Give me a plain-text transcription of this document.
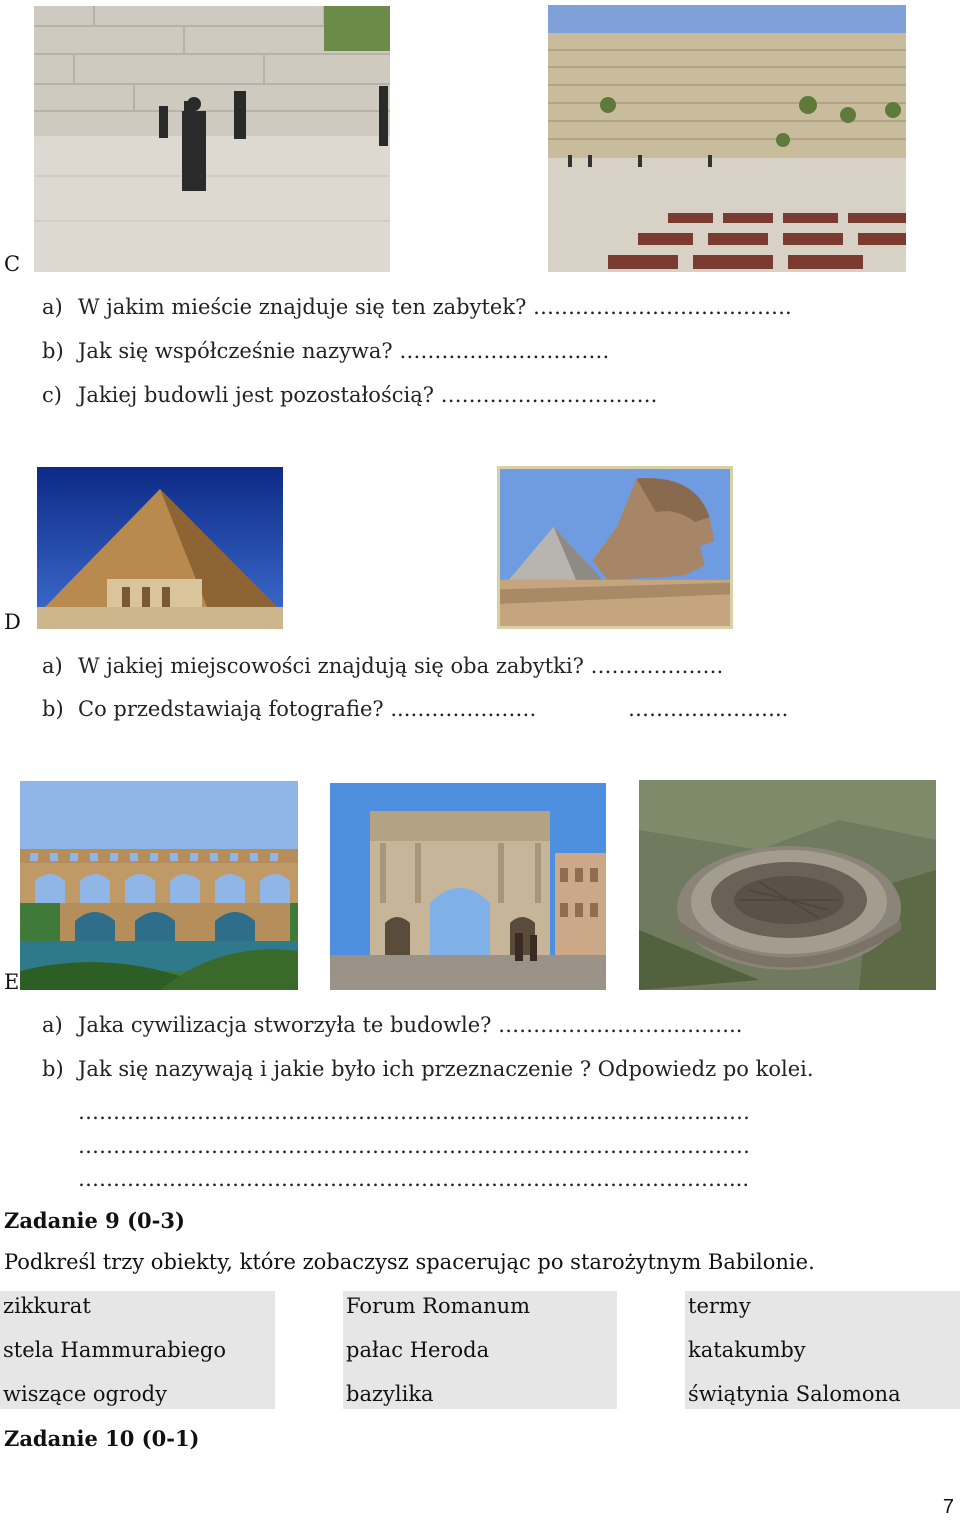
C
a) W jakim mieście znajduje się ten zabytek? ……………………………….
b) Jak się współcześnie nazywa? …………………………
c) Jakiej budowli jest pozostałością? ………………………….
D
a) W jakiej miejscowości znajdują się oba zabytki? ……………….
b) Co przedstawiają fotografie? ...………………	…………………..
E
a) Jaka cywilizacja stworzyła te budowle? ……………………………..
b) Jak się nazywają i jakie było ich przeznaczenie ? Odpowiedz po kolei.
……………………………………………………………………………………
……………………………………………………………………………………
…………………………………………………………………………………...
Zadanie 9 (0-3)
Podkreśl trzy obiekty, które zobaczysz spacerując po starożytnym Babilonie.
zikkurat
stela Hammurabiego
wiszące ogrody
Forum Romanum
pałac Heroda
bazylika
termy
katakumby
świątynia Salomona
Zadanie 10 (0-1)
7
